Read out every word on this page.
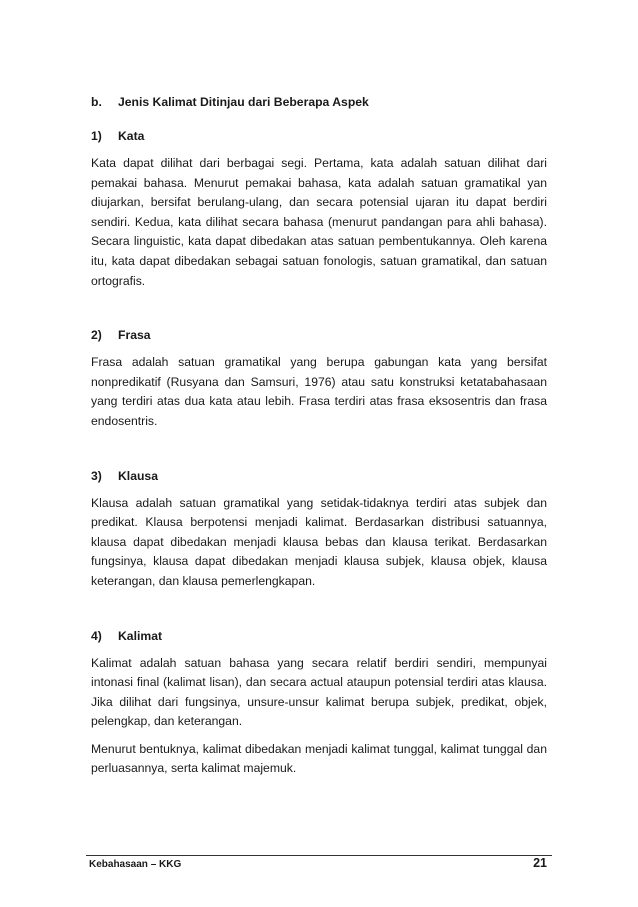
b.	Jenis Kalimat Ditinjau dari Beberapa Aspek
1)	Kata

Kata dapat dilihat dari berbagai segi. Pertama, kata adalah satuan dilihat dari pemakai bahasa. Menurut pemakai bahasa, kata adalah satuan gramatikal yan diujarkan, bersifat berulang-ulang, dan secara potensial ujaran itu dapat berdiri sendiri. Kedua, kata dilihat secara bahasa (menurut pandangan para ahli bahasa). Secara linguistic, kata dapat dibedakan atas satuan pembentukannya. Oleh karena itu, kata dapat dibedakan sebagai satuan fonologis, satuan gramatikal, dan satuan ortografis.

2)	Frasa

Frasa adalah satuan gramatikal yang berupa gabungan kata yang bersifat nonpredikatif (Rusyana dan Samsuri, 1976) atau satu konstruksi ketatabahasaan yang terdiri atas dua kata atau lebih. Frasa terdiri atas frasa eksosentris dan frasa endosentris.

3)	Klausa

Klausa adalah satuan gramatikal yang setidak-tidaknya terdiri atas subjek dan predikat. Klausa berpotensi menjadi kalimat. Berdasarkan distribusi satuannya, klausa dapat dibedakan menjadi klausa bebas dan klausa terikat. Berdasarkan fungsinya, klausa dapat dibedakan menjadi klausa subjek, klausa objek, klausa keterangan, dan klausa pemerlengkapan.

4)	Kalimat

Kalimat adalah satuan bahasa yang secara relatif berdiri sendiri, mempunyai intonasi final (kalimat lisan), dan secara actual ataupun potensial terdiri atas klausa. Jika dilihat dari fungsinya, unsure-unsur kalimat berupa subjek, predikat, objek, pelengkap, dan keterangan.

Menurut bentuknya, kalimat dibedakan menjadi kalimat tunggal, kalimat tunggal dan perluasannya, serta kalimat majemuk.

Kebahasaan – KKG	21
